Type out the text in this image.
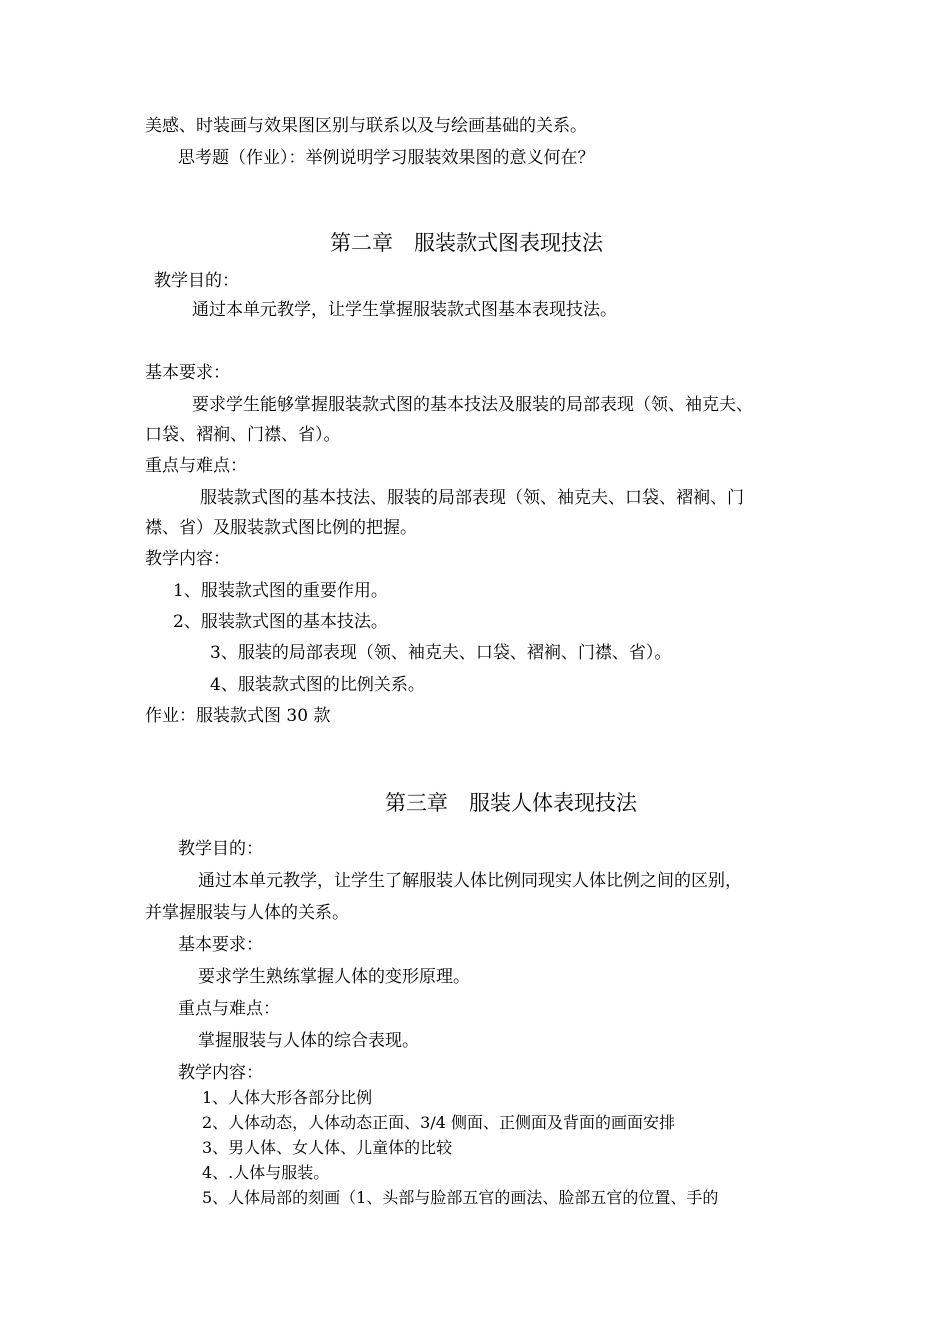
美感、时装画与效果图区别与联系以及与绘画基础的关系。
思考题（作业）：举例说明学习服装效果图的意义何在？
第二章　服装款式图表现技法
教学目的：
通过本单元教学，让学生掌握服装款式图基本表现技法。
基本要求：
要求学生能够掌握服装款式图的基本技法及服装的局部表现（领、袖克夫、
口袋、褶裥、门襟、省）。
重点与难点：
服装款式图的基本技法、服装的局部表现（领、袖克夫、口袋、褶裥、门
襟、省）及服装款式图比例的把握。
教学内容：
1、服装款式图的重要作用。
2、服装款式图的基本技法。
3、服装的局部表现（领、袖克夫、口袋、褶裥、门襟、省）。
4、服装款式图的比例关系。
作业：服装款式图 30 款
第三章　服装人体表现技法
教学目的：
通过本单元教学，让学生了解服装人体比例同现实人体比例之间的区别，
并掌握服装与人体的关系。
基本要求：
要求学生熟练掌握人体的变形原理。
重点与难点：
掌握服装与人体的综合表现。
教学内容：
1、人体大形各部分比例
2、人体动态，人体动态正面、3/4 侧面、正侧面及背面的画面安排
3、男人体、女人体、儿童体的比较
4、.人体与服装。
5、人体局部的刻画（1、头部与脸部五官的画法、脸部五官的位置、手的
